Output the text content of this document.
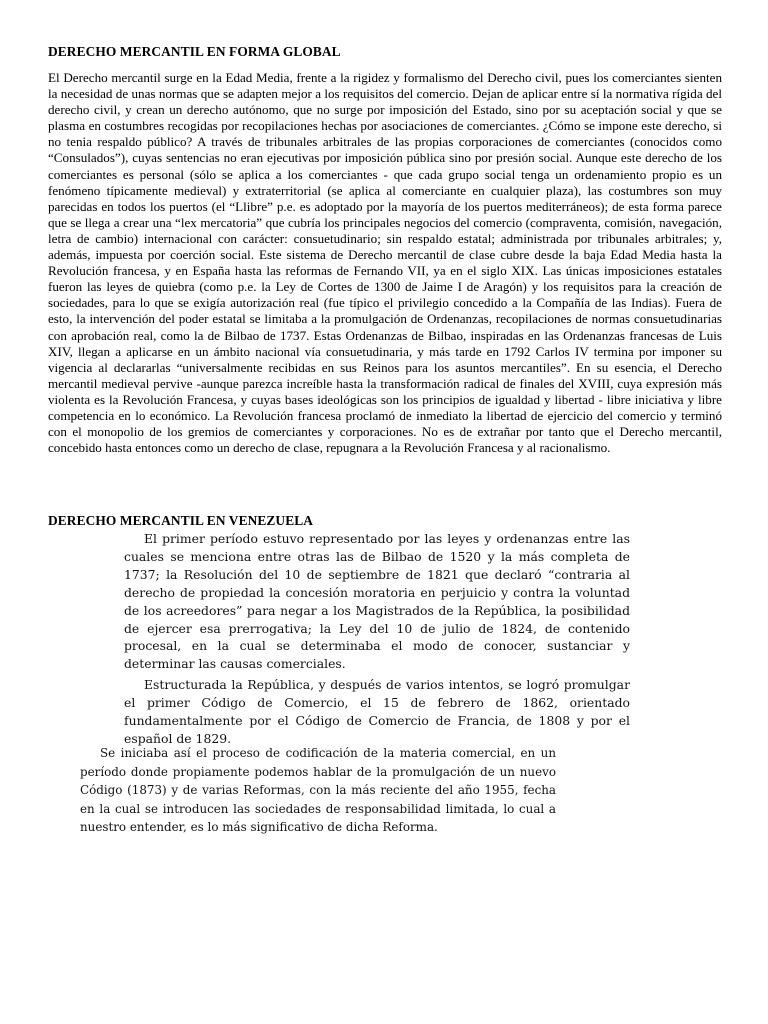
DERECHO MERCANTIL EN FORMA GLOBAL

El Derecho mercantil surge en la Edad Media, frente a la rigidez y formalismo del Derecho civil, pues los comerciantes sienten la necesidad de unas normas que se adapten mejor a los requisitos del comercio. Dejan de aplicar entre sí la normativa rígida del derecho civil, y crean un derecho autónomo, que no surge por imposición del Estado, sino por su aceptación social y que se plasma en costumbres recogidas por recopilaciones hechas por asociaciones de comerciantes. ¿Cómo se impone este derecho, si no tenia respaldo público? A través de tribunales arbitrales de las propias corporaciones de comerciantes (conocidos como “Consulados”), cuyas sentencias no eran ejecutivas por imposición pública sino por presión social. Aunque este derecho de los comerciantes es personal (sólo se aplica a los comerciantes - que cada grupo social tenga un ordenamiento propio es un fenómeno típicamente medieval) y extraterritorial (se aplica al comerciante en cualquier plaza), las costumbres son muy parecidas en todos los puertos (el “Llibre” p.e. es adoptado por la mayoría de los puertos mediterráneos); de esta forma parece que se llega a crear una “lex mercatoria” que cubría los principales negocios del comercio (compraventa, comisión, navegación, letra de cambio) internacional con carácter: consuetudinario; sin respaldo estatal; administrada por tribunales arbitrales; y, además, impuesta por coerción social. Este sistema de Derecho mercantil de clase cubre desde la baja Edad Media hasta la Revolución francesa, y en España hasta las reformas de Fernando VII, ya en el siglo XIX. Las únicas imposiciones estatales fueron las leyes de quiebra (como p.e. la Ley de Cortes de 1300 de Jaime I de Aragón) y los requisitos para la creación de sociedades, para lo que se exigía autorización real (fue típico el privilegio concedido a la Compañía de las Indias). Fuera de esto, la intervención del poder estatal se limitaba a la promulgación de Ordenanzas, recopilaciones de normas consuetudinarias con aprobación real, como la de Bilbao de 1737. Estas Ordenanzas de Bilbao, inspiradas en las Ordenanzas francesas de Luis XIV, llegan a aplicarse en un ámbito nacional vía consuetudinaria, y más tarde en 1792 Carlos IV termina por imponer su vigencia al declararlas “universalmente recibidas en sus Reinos para los asuntos mercantiles”. En su esencia, el Derecho mercantil medieval pervive -aunque parezca increíble hasta la transformación radical de finales del XVIII, cuya expresión más violenta es la Revolución Francesa, y cuyas bases ideológicas son los principios de igualdad y libertad - libre iniciativa y libre competencia en lo económico. La Revolución francesa proclamó de inmediato la libertad de ejercicio del comercio y terminó con el monopolio de los gremios de comerciantes y corporaciones. No es de extrañar por tanto que el Derecho mercantil, concebido hasta entonces como un derecho de clase, repugnara a la Revolución Francesa y al racionalismo.

DERECHO MERCANTIL EN VENEZUELA

El primer período estuvo representado por las leyes y ordenanzas entre las cuales se menciona entre otras las de Bilbao de 1520 y la más completa de 1737; la Resolución del 10 de septiembre de 1821 que declaró “contraria al derecho de propiedad la concesión moratoria en perjuicio y contra la voluntad de los acreedores” para negar a los Magistrados de la República, la posibilidad de ejercer esa prerrogativa; la Ley del 10 de julio de 1824, de contenido procesal, en la cual se determinaba el modo de conocer, sustanciar y determinar las causas comerciales.

Estructurada la República, y después de varios intentos, se logró promulgar el primer Código de Comercio, el 15 de febrero de 1862, orientado fundamentalmente por el Código de Comercio de Francia, de 1808 y por el español de 1829.

Se iniciaba así el proceso de codificación de la materia comercial, en un período donde propiamente podemos hablar de la promulgación de un nuevo Código (1873) y de varias Reformas, con la más reciente del año 1955, fecha en la cual se introducen las sociedades de responsabilidad limitada, lo cual a nuestro entender, es lo más significativo de dicha Reforma.
